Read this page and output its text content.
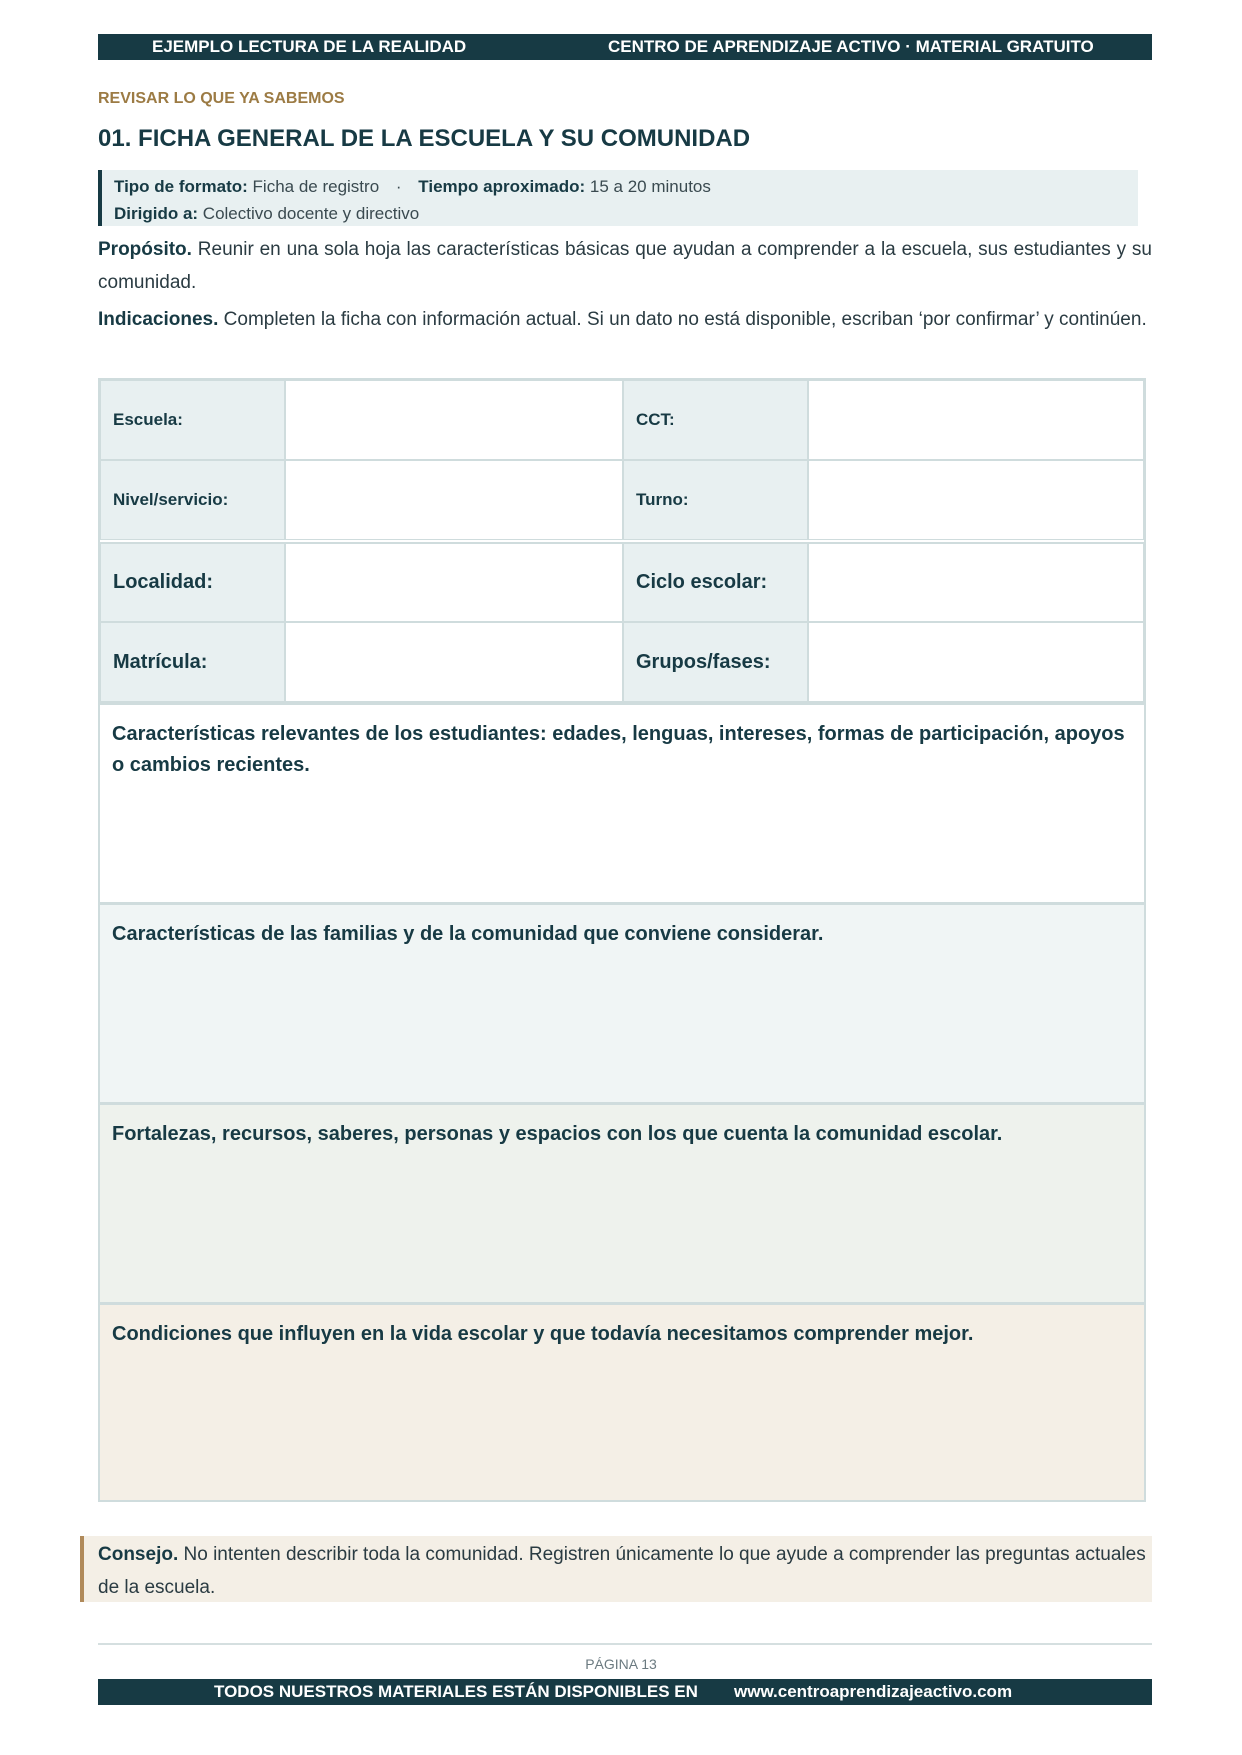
EJEMPLO LECTURA DE LA REALIDAD	CENTRO DE APRENDIZAJE ACTIVO · MATERIAL GRATUITO
REVISAR LO QUE YA SABEMOS
01. FICHA GENERAL DE LA ESCUELA Y SU COMUNIDAD
Tipo de formato: Ficha de registro · Tiempo aproximado: 15 a 20 minutos
Dirigido a: Colectivo docente y directivo

Propósito. Reunir en una sola hoja las características básicas que ayudan a comprender a la escuela, sus estudiantes y su comunidad.

Indicaciones. Completen la ficha con información actual. Si un dato no está disponible, escriban ‘por confirmar’ y continúen.

Escuela:	CCT:
Nivel/servicio:	Turno:
Localidad:	Ciclo escolar:
Matrícula:	Grupos/fases:
Características relevantes de los estudiantes: edades, lenguas, intereses, formas de participación, apoyos o cambios recientes.
Características de las familias y de la comunidad que conviene considerar.
Fortalezas, recursos, saberes, personas y espacios con los que cuenta la comunidad escolar.
Condiciones que influyen en la vida escolar y que todavía necesitamos comprender mejor.
Consejo. No intenten describir toda la comunidad. Registren únicamente lo que ayude a comprender las preguntas actuales de la escuela.
PÁGINA 13
TODOS NUESTROS MATERIALES ESTÁN DISPONIBLES EN www.centroaprendizajeactivo.com
